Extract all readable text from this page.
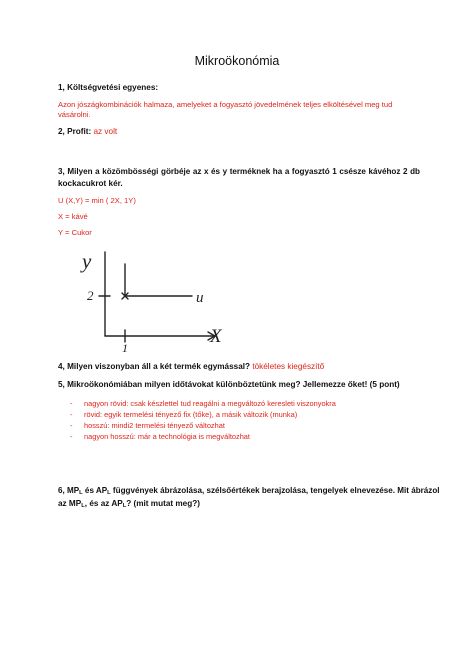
Mikroökonómia
1, Költségvetési egyenes:
Azon jószágkombinációk halmaza, amelyeket a fogyasztó jövedelmének teljes elköltésével meg tud
vásárolni.
2, Profit: az volt
3, Milyen a közömbösségi görbéje az x és y terméknek ha a fogyasztó 1 csésze kávéhoz 2 db
kockacukrot kér.
U (X,Y) = min ( 2X, 1Y)
X = kávé
Y = Cukor
y
X
u
2
1
4, Milyen viszonyban áll a két termék egymással? tökéletes kiegészítő
5, Mikroökonómiában milyen időtávokat különböztetünk meg? Jellemezze őket! (5 pont)
- nagyon rövid: csak készlettel tud reagálni a megváltozó keresleti viszonyokra
- rövid: egyik termelési tényező fix (tőke), a másik változik (munka)
- hosszú: mindi2 termelési tényező változhat
- nagyon hosszú: már a technológia is megváltozhat
6, MPL és APL függvények ábrázolása, szélsőértékek berajzolása, tengelyek elnevezése. Mit ábrázol
az MPL, és az APL? (mit mutat meg?)
